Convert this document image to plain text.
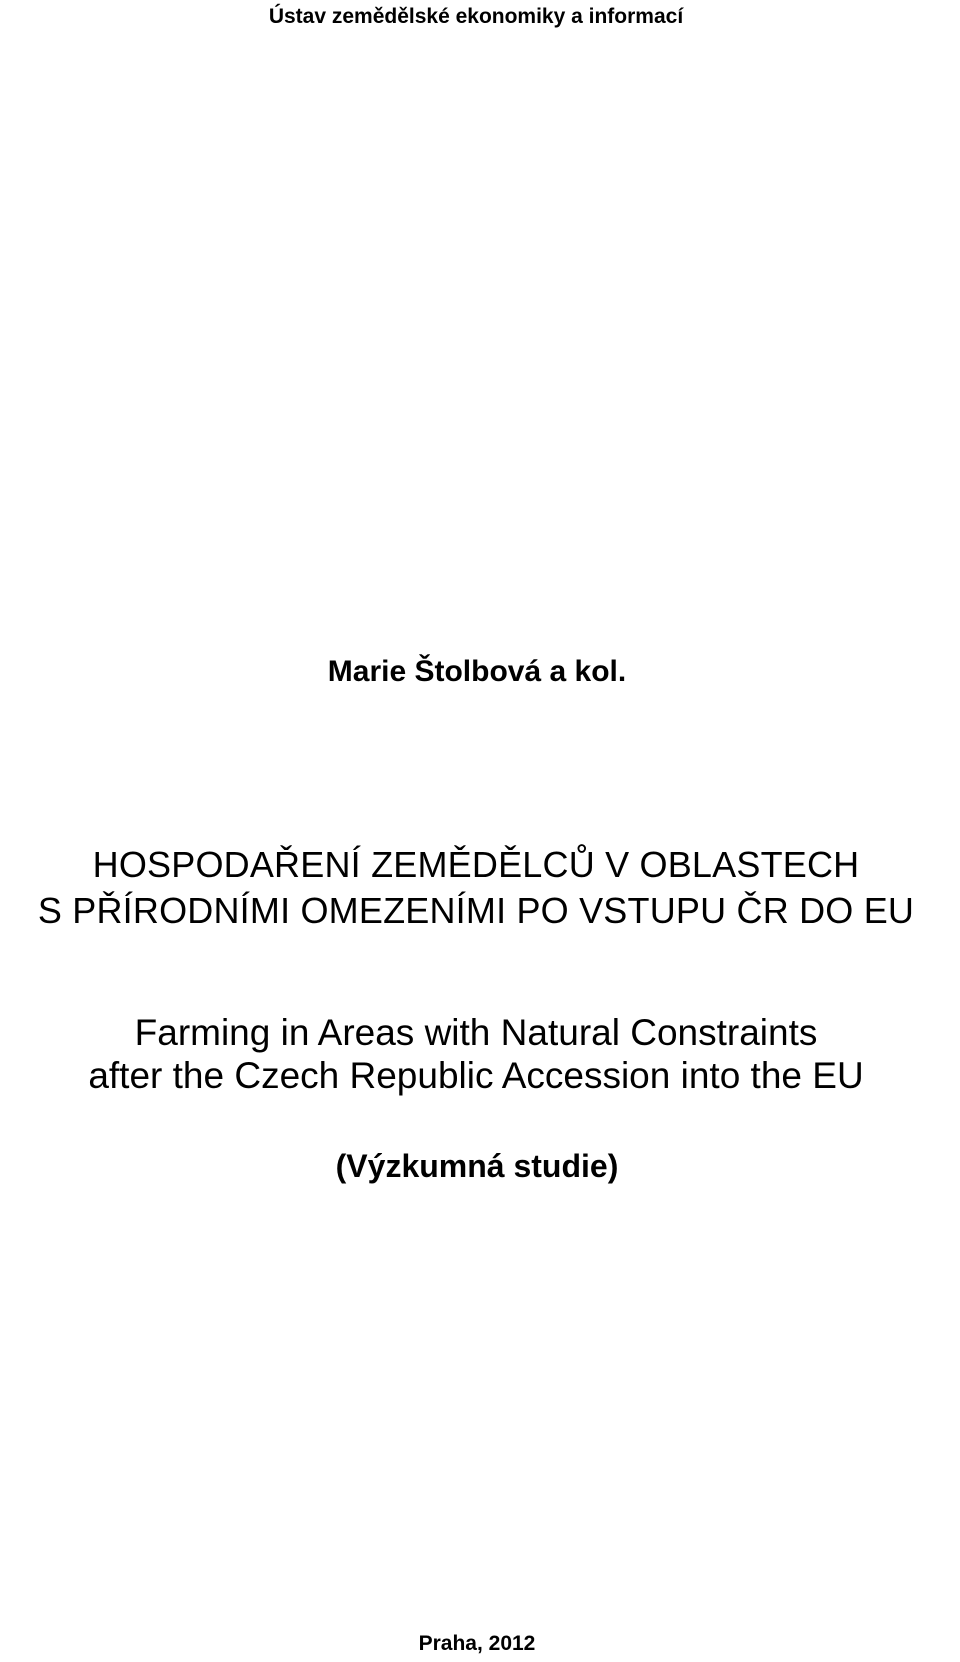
Ústav zemědělské ekonomiky a informací
Marie Štolbová a kol.
HOSPODAŘENÍ ZEMĚDĚLCŮ V OBLASTECH
S PŘÍRODNÍMI OMEZENÍMI PO VSTUPU ČR DO EU
Farming in Areas with Natural Constraints
after the Czech Republic Accession into the EU
(Výzkumná studie)
Praha, 2012
